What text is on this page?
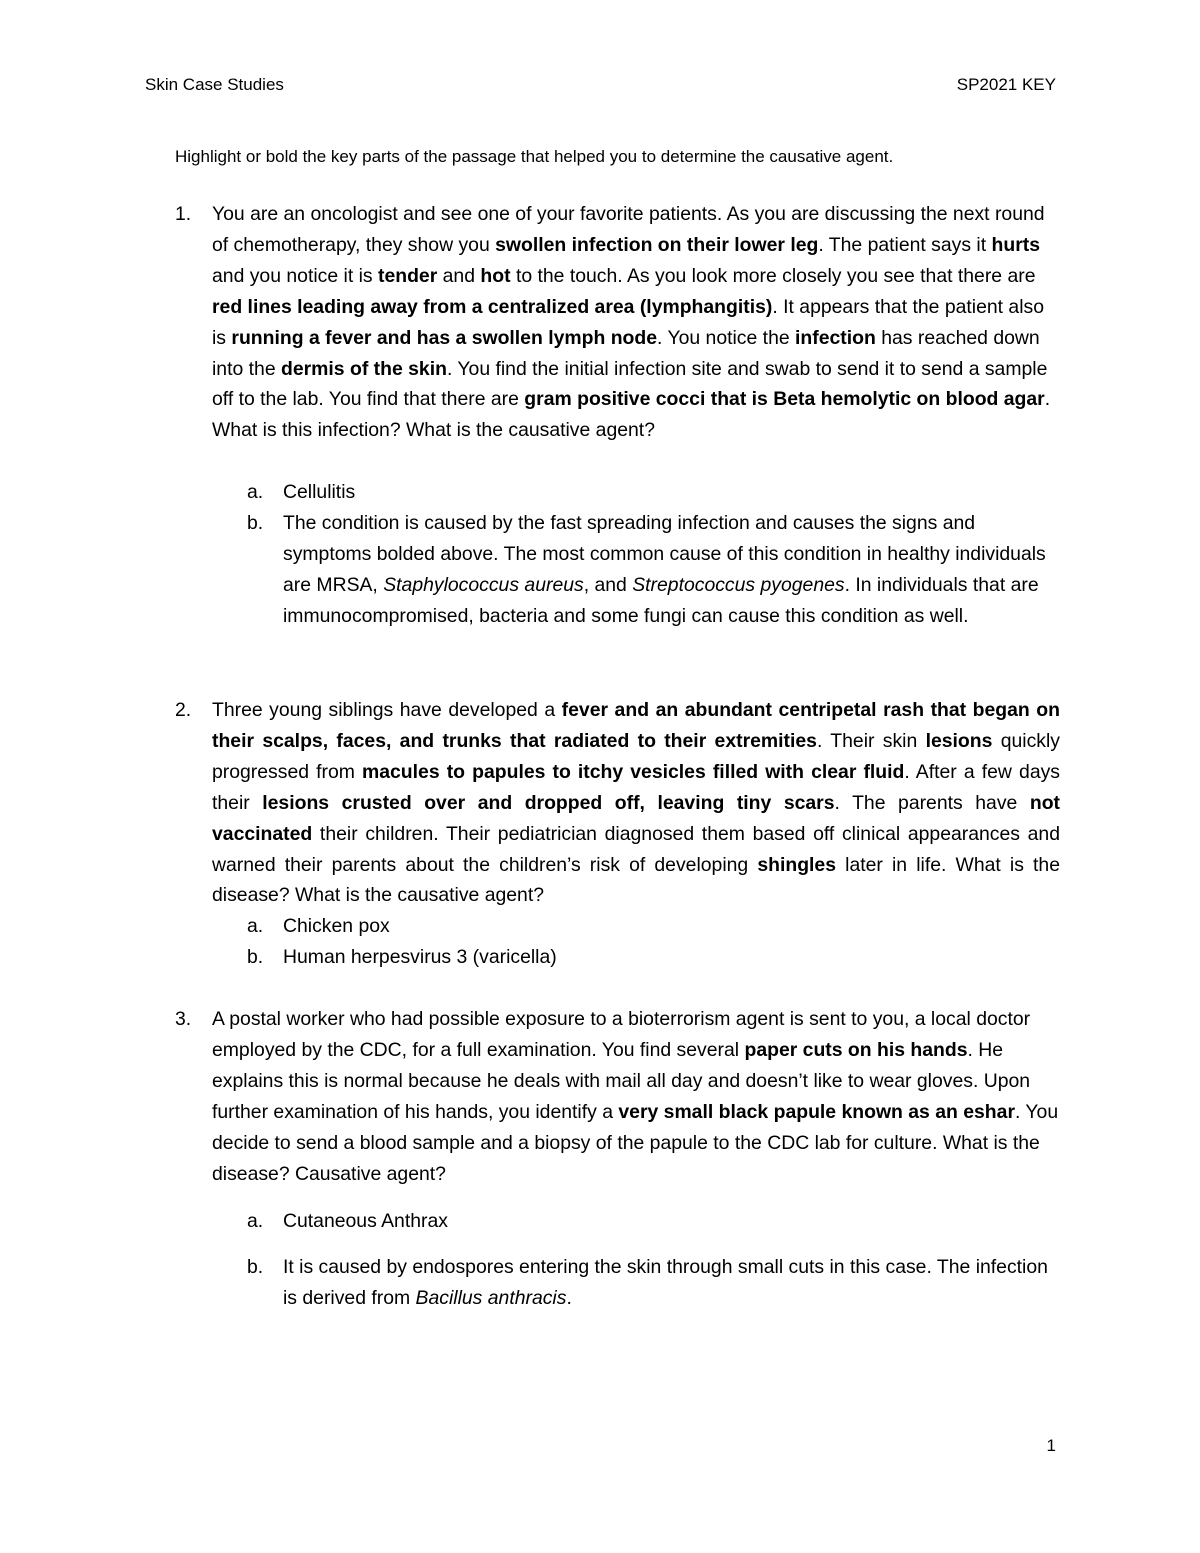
Skin Case Studies	SP2021 KEY
Highlight or bold the key parts of the passage that helped you to determine the causative agent.
1. You are an oncologist and see one of your favorite patients. As you are discussing the next round of chemotherapy, they show you swollen infection on their lower leg. The patient says it hurts and you notice it is tender and hot to the touch. As you look more closely you see that there are red lines leading away from a centralized area (lymphangitis). It appears that the patient also is running a fever and has a swollen lymph node. You notice the infection has reached down into the dermis of the skin. You find the initial infection site and swab to send it to send a sample off to the lab. You find that there are gram positive cocci that is Beta hemolytic on blood agar. What is this infection? What is the causative agent?
a. Cellulitis
b. The condition is caused by the fast spreading infection and causes the signs and symptoms bolded above. The most common cause of this condition in healthy individuals are MRSA, Staphylococcus aureus, and Streptococcus pyogenes. In individuals that are immunocompromised, bacteria and some fungi can cause this condition as well.
2. Three young siblings have developed a fever and an abundant centripetal rash that began on their scalps, faces, and trunks that radiated to their extremities. Their skin lesions quickly progressed from macules to papules to itchy vesicles filled with clear fluid. After a few days their lesions crusted over and dropped off, leaving tiny scars. The parents have not vaccinated their children. Their pediatrician diagnosed them based off clinical appearances and warned their parents about the children’s risk of developing shingles later in life. What is the disease? What is the causative agent?
a. Chicken pox
b. Human herpesvirus 3 (varicella)
3. A postal worker who had possible exposure to a bioterrorism agent is sent to you, a local doctor employed by the CDC, for a full examination. You find several paper cuts on his hands. He explains this is normal because he deals with mail all day and doesn’t like to wear gloves. Upon further examination of his hands, you identify a very small black papule known as an eshar. You decide to send a blood sample and a biopsy of the papule to the CDC lab for culture. What is the disease? Causative agent?
a. Cutaneous Anthrax
b. It is caused by endospores entering the skin through small cuts in this case. The infection is derived from Bacillus anthracis.
1
